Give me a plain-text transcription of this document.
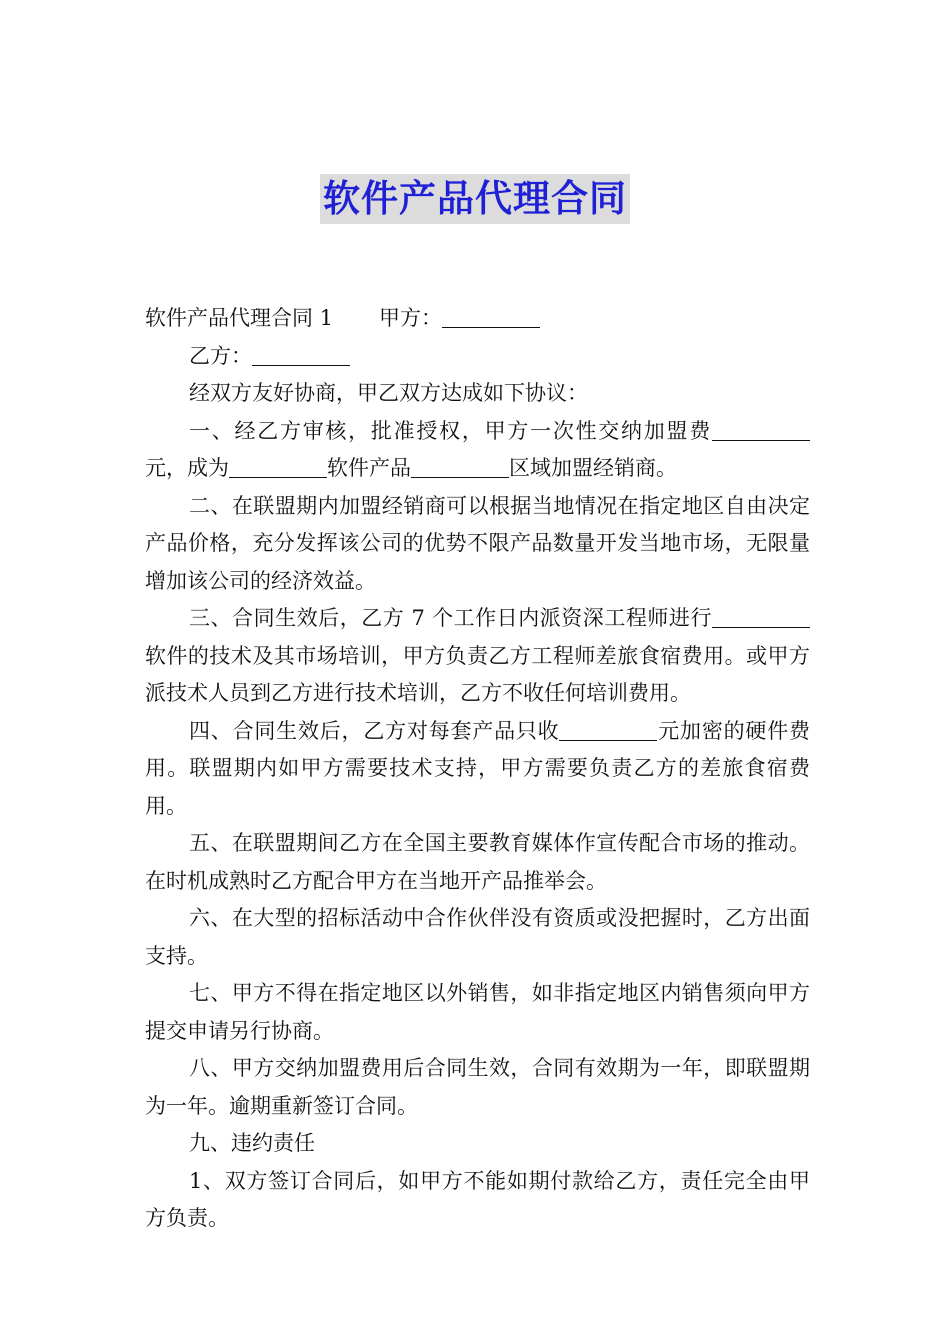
软件产品代理合同

软件产品代理合同 1 甲方：

乙方：

经双方友好协商，甲乙双方达成如下协议：

一、经乙方审核，批准授权，甲方一次性交纳加盟费元，成为	软件产品	区域加盟经销商。

二、在联盟期内加盟经销商可以根据当地情况在指定地区自由决定产品价格，充分发挥该公司的优势不限产品数量开发当地市场，无限量增加该公司的经济效益。

三、合同生效后，乙方 7 个工作日内派资深工程师进行软件的技术及其市场培训，甲方负责乙方工程师差旅食宿费用。或甲方派技术人员到乙方进行技术培训，乙方不收任何培训费用。

四、合同生效后，乙方对每套产品只收	元加密的硬件费用。联盟期内如甲方需要技术支持，甲方需要负责乙方的差旅食宿费用。

五、在联盟期间乙方在全国主要教育媒体作宣传配合市场的推动。在时机成熟时乙方配合甲方在当地开产品推举会。

六、在大型的招标活动中合作伙伴没有资质或没把握时，乙方出面支持。

七、甲方不得在指定地区以外销售，如非指定地区内销售须向甲方提交申请另行协商。

八、甲方交纳加盟费用后合同生效，合同有效期为一年，即联盟期为一年。逾期重新签订合同。

九、违约责任

1、双方签订合同后，如甲方不能如期付款给乙方，责任完全由甲方负责。
